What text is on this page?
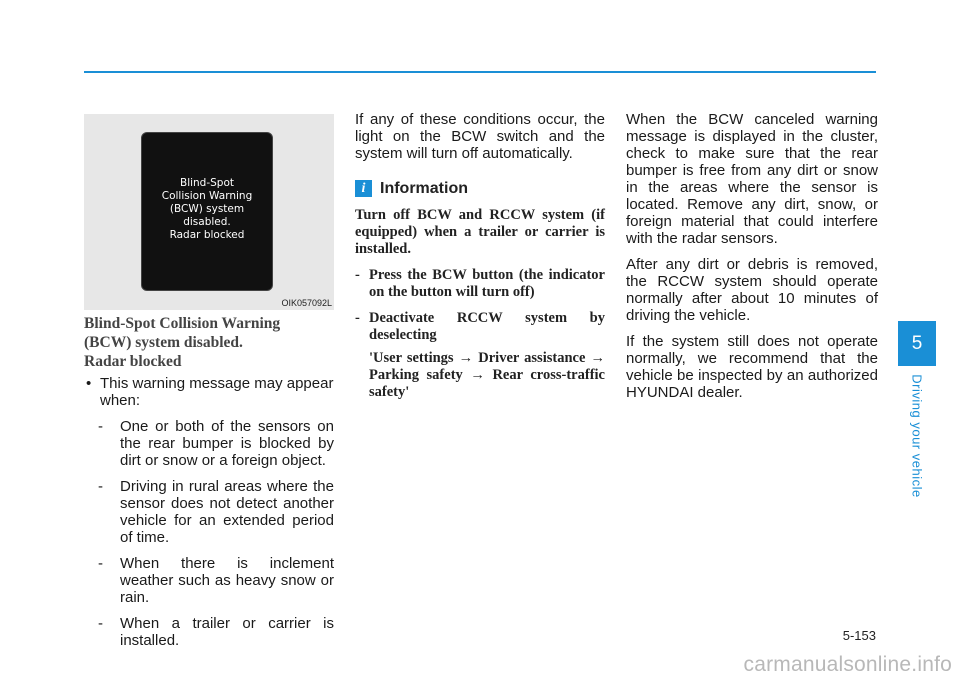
Blind-Spot
Collision Warning
(BCW) system
disabled.
Radar blocked
OIK057092L
Blind-Spot Collision Warning
(BCW) system disabled.
Radar blocked
• This warning message may appear when:
- One or both of the sensors on the rear bumper is blocked by dirt or snow or a foreign object.
- Driving in rural areas where the sensor does not detect another vehicle for an extended period of time.
- When there is inclement weather such as heavy snow or rain.
- When a trailer or carrier is installed.

If any of these conditions occur, the light on the BCW switch and the system will turn off automatically.

i Information

Turn off BCW and RCCW system (if equipped) when a trailer or carrier is installed.

- Press the BCW button (the indicator on the button will turn off)

- Deactivate RCCW system by deselecting

'User settings → Driver assistance → Parking safety → Rear cross-traffic safety'

When the BCW canceled warning message is displayed in the cluster, check to make sure that the rear bumper is free from any dirt or snow in the areas where the sensor is located. Remove any dirt, snow, or foreign material that could interfere with the radar sensors.

After any dirt or debris is removed, the RCCW system should operate normally after about 10 minutes of driving the vehicle.

If the system still does not operate normally, we recommend that the vehicle be inspected by an authorized HYUNDAI dealer.

5
Driving your vehicle
5-153
carmanualsonline.info
